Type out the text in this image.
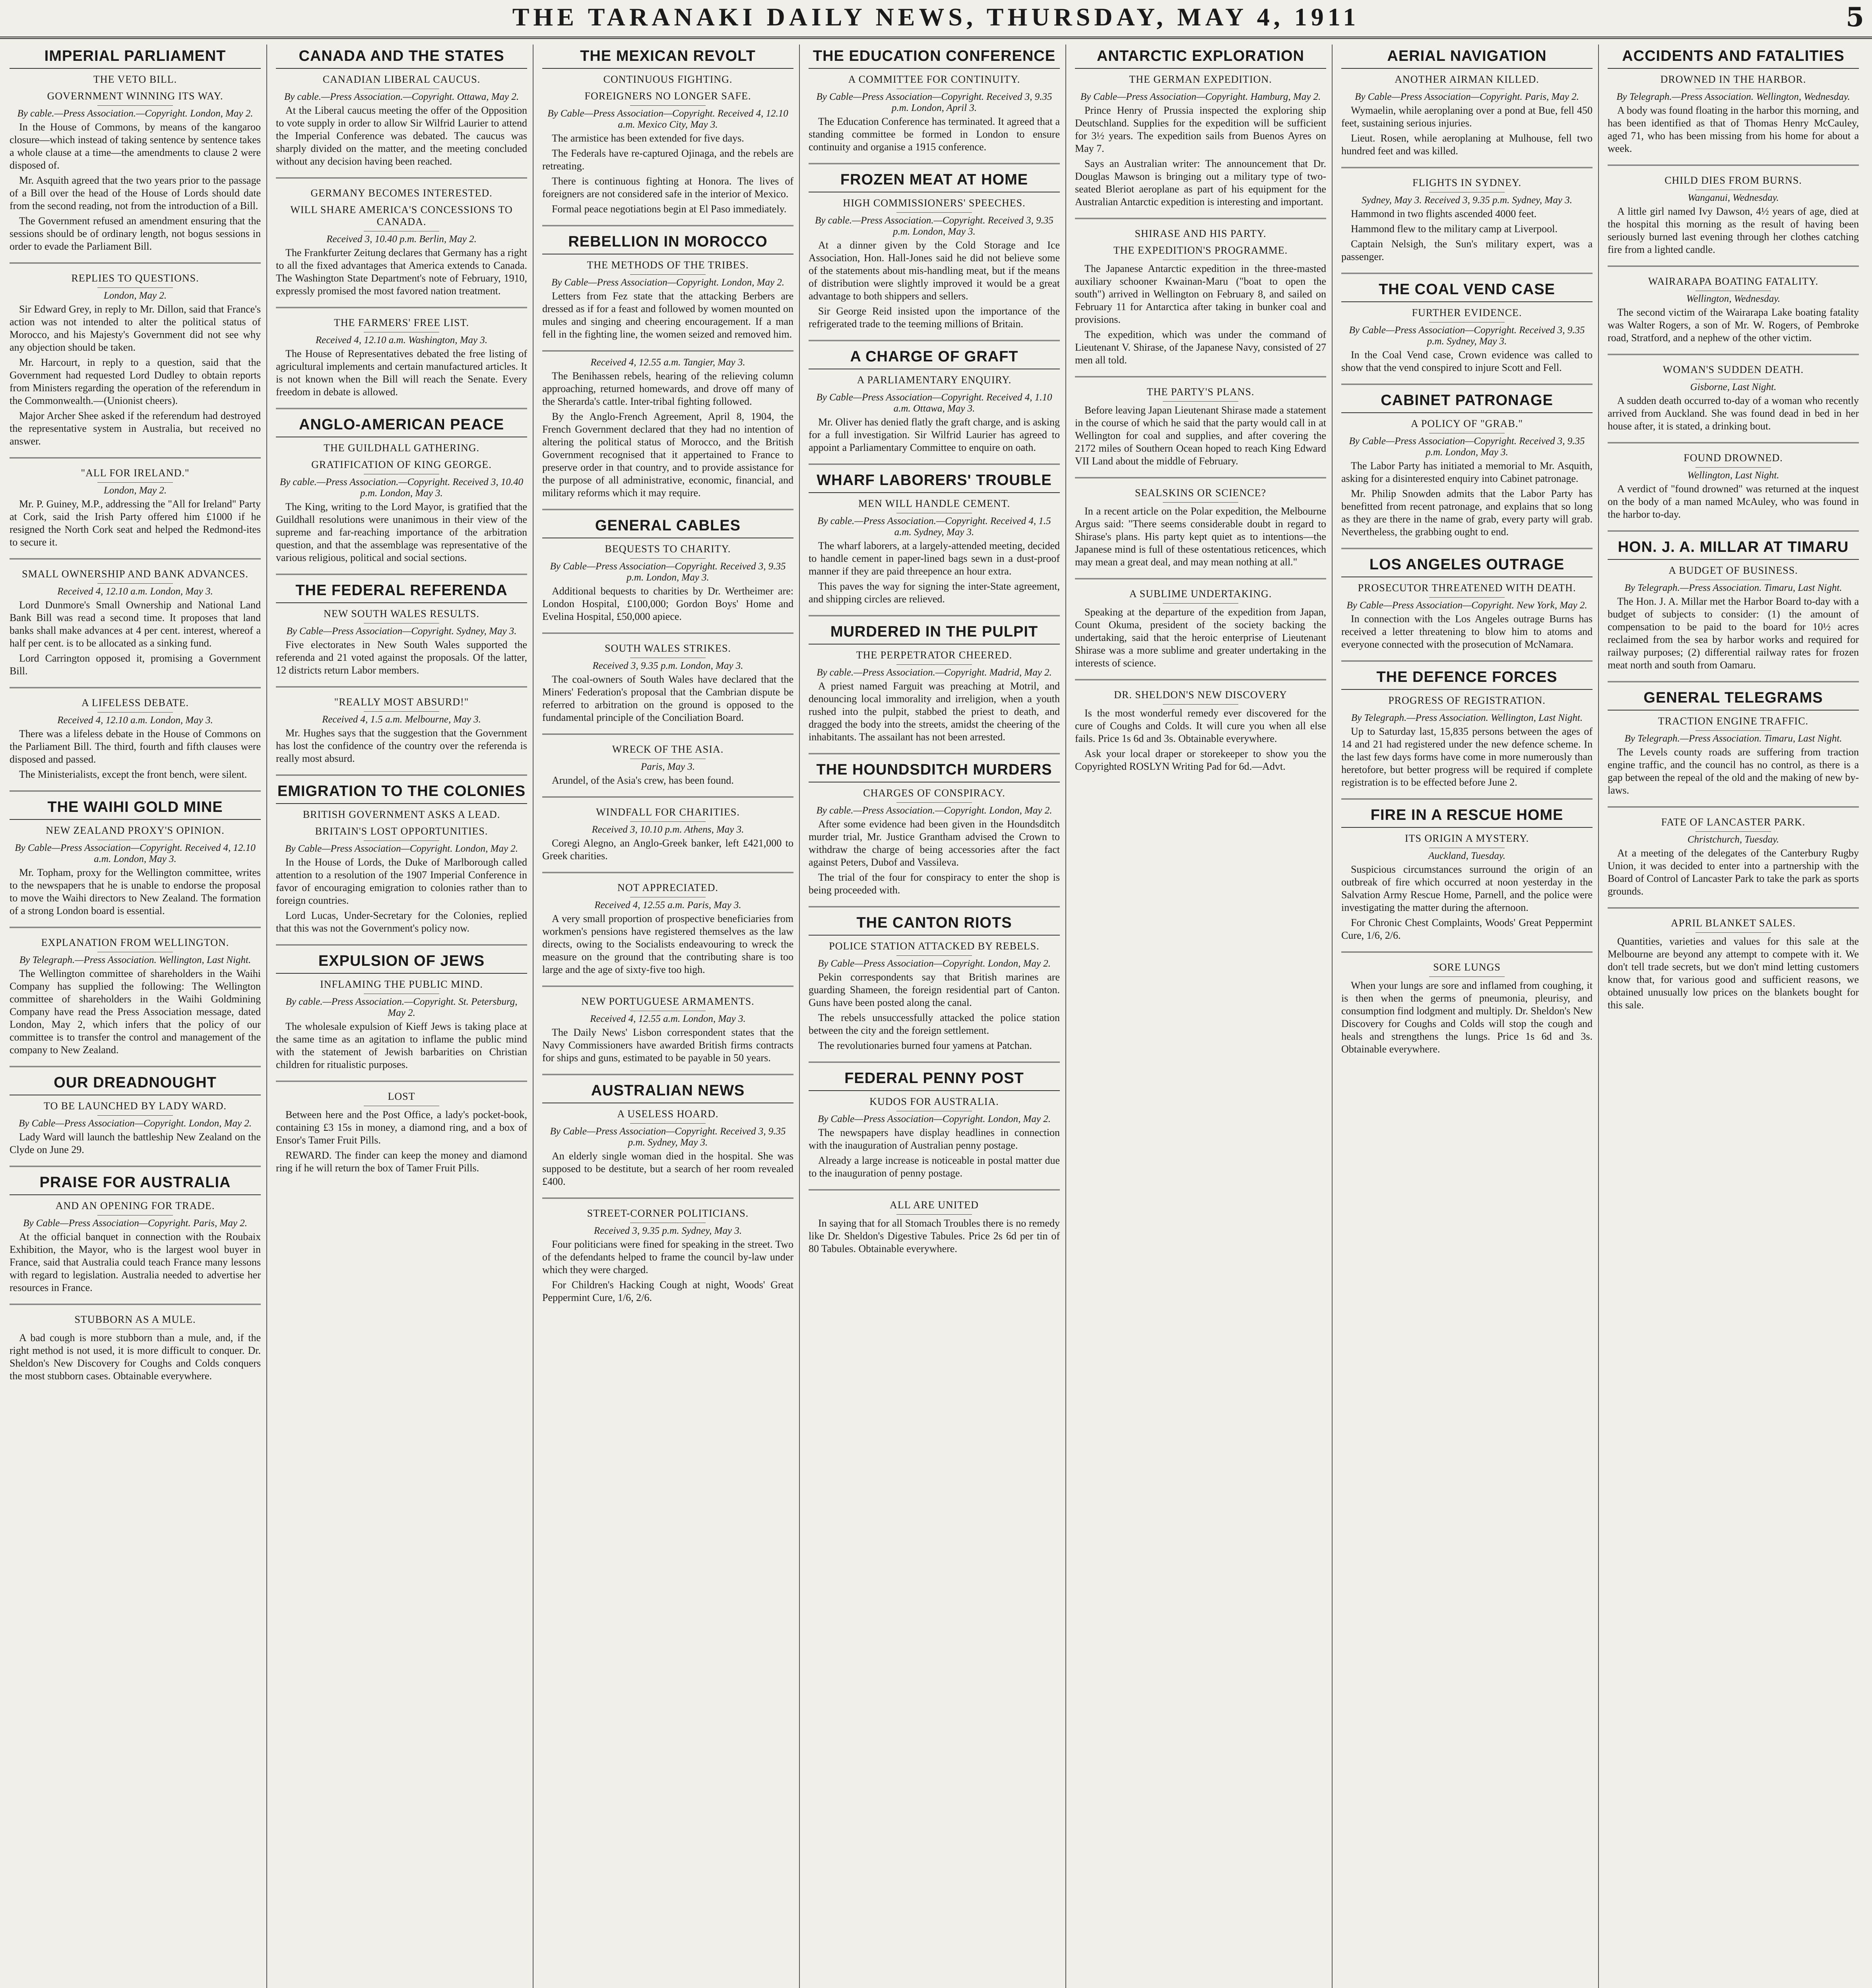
THE TARANAKI DAILY NEWS, THURSDAY, MAY 4, 1911	5
IMPERIAL PARLIAMENT
THE VETO BILL.
GOVERNMENT WINNING ITS WAY.
By cable.—Press Association.—Copyright. London, May 2.

In the House of Commons, by means of the kangaroo closure—which instead of taking sentence by sentence takes a whole clause at a time—the amendments to clause 2 were disposed of.

Mr. Asquith agreed that the two years prior to the passage of a Bill over the head of the House of Lords should date from the second reading, not from the introduction of a Bill.

The Government refused an amendment ensuring that the sessions should be of ordinary length, not bogus sessions in order to evade the Parliament Bill.

REPLIES TO QUESTIONS.
London, May 2.

Sir Edward Grey, in reply to Mr. Dillon, said that France's action was not intended to alter the political status of Morocco, and his Majesty's Government did not see why any objection should be taken.

Mr. Harcourt, in reply to a question, said that the Government had requested Lord Dudley to obtain reports from Ministers regarding the operation of the referendum in the Commonwealth.—(Unionist cheers).

Major Archer Shee asked if the referendum had destroyed the representative system in Australia, but received no answer.

"ALL FOR IRELAND."
London, May 2.

Mr. P. Guiney, M.P., addressing the "All for Ireland" Party at Cork, said the Irish Party offered him £1000 if he resigned the North Cork seat and helped the Redmond-ites to secure it.

SMALL OWNERSHIP AND BANK ADVANCES.
Received 4, 12.10 a.m. London, May 3.

Lord Dunmore's Small Ownership and National Land Bank Bill was read a second time. It proposes that land banks shall make advances at 4 per cent. interest, whereof a half per cent. is to be allocated as a sinking fund.

Lord Carrington opposed it, promising a Government Bill.

A LIFELESS DEBATE.
Received 4, 12.10 a.m. London, May 3.

There was a lifeless debate in the House of Commons on the Parliament Bill. The third, fourth and fifth clauses were disposed and passed.

The Ministerialists, except the front bench, were silent.

THE WAIHI GOLD MINE
NEW ZEALAND PROXY'S OPINION.
By Cable—Press Association—Copyright. Received 4, 12.10 a.m. London, May 3.

Mr. Topham, proxy for the Wellington committee, writes to the newspapers that he is unable to endorse the proposal to move the Waihi directors to New Zealand. The formation of a strong London board is essential.

EXPLANATION FROM WELLINGTON.
By Telegraph.—Press Association. Wellington, Last Night.

The Wellington committee of shareholders in the Waihi Company has supplied the following: The Wellington committee of shareholders in the Waihi Goldmining Company have read the Press Association message, dated London, May 2, which infers that the policy of our committee is to transfer the control and management of the company to New Zealand.

OUR DREADNOUGHT
TO BE LAUNCHED BY LADY WARD.
By Cable—Press Association—Copyright. London, May 2.

Lady Ward will launch the battleship New Zealand on the Clyde on June 29.

PRAISE FOR AUSTRALIA
AND AN OPENING FOR TRADE.
By Cable—Press Association—Copyright. Paris, May 2.

At the official banquet in connection with the Roubaix Exhibition, the Mayor, who is the largest wool buyer in France, said that Australia could teach France many lessons with regard to legislation. Australia needed to advertise her resources in France.

STUBBORN AS A MULE.

A bad cough is more stubborn than a mule, and, if the right method is not used, it is more difficult to conquer. Dr. Sheldon's New Discovery for Coughs and Colds conquers the most stubborn cases. Obtainable everywhere.

CANADA AND THE STATES
CANADIAN LIBERAL CAUCUS.
By cable.—Press Association.—Copyright. Ottawa, May 2.

At the Liberal caucus meeting the offer of the Opposition to vote supply in order to allow Sir Wilfrid Laurier to attend the Imperial Conference was debated. The caucus was sharply divided on the matter, and the meeting concluded without any decision having been reached.

GERMANY BECOMES INTERESTED.
WILL SHARE AMERICA'S CONCESSIONS TO CANADA.
Received 3, 10.40 p.m. Berlin, May 2.

The Frankfurter Zeitung declares that Germany has a right to all the fixed advantages that America extends to Canada. The Washington State Department's note of February, 1910, expressly promised the most favored nation treatment.

THE FARMERS' FREE LIST.
Received 4, 12.10 a.m. Washington, May 3.

The House of Representatives debated the free listing of agricultural implements and certain manufactured articles. It is not known when the Bill will reach the Senate. Every freedom in debate is allowed.

ANGLO-AMERICAN PEACE
THE GUILDHALL GATHERING.
GRATIFICATION OF KING GEORGE.
By cable.—Press Association.—Copyright. Received 3, 10.40 p.m. London, May 3.

The King, writing to the Lord Mayor, is gratified that the Guildhall resolutions were unanimous in their view of the supreme and far-reaching importance of the arbitration question, and that the assemblage was representative of the various religious, political and social sections.

THE FEDERAL REFERENDA
NEW SOUTH WALES RESULTS.
By Cable—Press Association—Copyright. Sydney, May 3.

Five electorates in New South Wales supported the referenda and 21 voted against the proposals. Of the latter, 12 districts return Labor members.

"REALLY MOST ABSURD!"
Received 4, 1.5 a.m. Melbourne, May 3.

Mr. Hughes says that the suggestion that the Government has lost the confidence of the country over the referenda is really most absurd.

EMIGRATION TO THE COLONIES
BRITISH GOVERNMENT ASKS A LEAD.
BRITAIN'S LOST OPPORTUNITIES.
By Cable—Press Association—Copyright. London, May 2.

In the House of Lords, the Duke of Marlborough called attention to a resolution of the 1907 Imperial Conference in favor of encouraging emigration to colonies rather than to foreign countries.

Lord Lucas, Under-Secretary for the Colonies, replied that this was not the Government's policy now.

EXPULSION OF JEWS
INFLAMING THE PUBLIC MIND.
By cable.—Press Association.—Copyright. St. Petersburg, May 2.

The wholesale expulsion of Kieff Jews is taking place at the same time as an agitation to inflame the public mind with the statement of Jewish barbarities on Christian children for ritualistic purposes.

LOST

Between here and the Post Office, a lady's pocket-book, containing £3 15s in money, a diamond ring, and a box of Ensor's Tamer Fruit Pills.

REWARD. The finder can keep the money and diamond ring if he will return the box of Tamer Fruit Pills.

THE MEXICAN REVOLT
CONTINUOUS FIGHTING.
FOREIGNERS NO LONGER SAFE.
By Cable—Press Association—Copyright. Received 4, 12.10 a.m. Mexico City, May 3.

The armistice has been extended for five days.

The Federals have re-captured Ojinaga, and the rebels are retreating.

There is continuous fighting at Honora. The lives of foreigners are not considered safe in the interior of Mexico.

Formal peace negotiations begin at El Paso immediately.

REBELLION IN MOROCCO
THE METHODS OF THE TRIBES.
By Cable—Press Association—Copyright. London, May 2.

Letters from Fez state that the attacking Berbers are dressed as if for a feast and followed by women mounted on mules and singing and cheering encouragement. If a man fell in the fighting line, the women seized and removed him.

Received 4, 12.55 a.m. Tangier, May 3.

The Benihassen rebels, hearing of the relieving column approaching, returned homewards, and drove off many of the Sherarda's cattle. Inter-tribal fighting followed.

By the Anglo-French Agreement, April 8, 1904, the French Government declared that they had no intention of altering the political status of Morocco, and the British Government recognised that it appertained to France to preserve order in that country, and to provide assistance for the purpose of all administrative, economic, financial, and military reforms which it may require.

GENERAL CABLES
BEQUESTS TO CHARITY.
By Cable—Press Association—Copyright. Received 3, 9.35 p.m. London, May 3.

Additional bequests to charities by Dr. Wertheimer are: London Hospital, £100,000; Gordon Boys' Home and Evelina Hospital, £50,000 apiece.

SOUTH WALES STRIKES.
Received 3, 9.35 p.m. London, May 3.

The coal-owners of South Wales have declared that the Miners' Federation's proposal that the Cambrian dispute be referred to arbitration on the ground is opposed to the fundamental principle of the Conciliation Board.

WRECK OF THE ASIA.
Paris, May 3.

Arundel, of the Asia's crew, has been found.

WINDFALL FOR CHARITIES.
Received 3, 10.10 p.m. Athens, May 3.

Coregi Alegno, an Anglo-Greek banker, left £421,000 to Greek charities.

NOT APPRECIATED.
Received 4, 12.55 a.m. Paris, May 3.

A very small proportion of prospective beneficiaries from workmen's pensions have registered themselves as the law directs, owing to the Socialists endeavouring to wreck the measure on the ground that the contributing share is too large and the age of sixty-five too high.

NEW PORTUGUESE ARMAMENTS.
Received 4, 12.55 a.m. London, May 3.

The Daily News' Lisbon correspondent states that the Navy Commissioners have awarded British firms contracts for ships and guns, estimated to be payable in 50 years.

AUSTRALIAN NEWS
A USELESS HOARD.
By Cable—Press Association—Copyright. Received 3, 9.35 p.m. Sydney, May 3.

An elderly single woman died in the hospital. She was supposed to be destitute, but a search of her room revealed £400.

STREET-CORNER POLITICIANS.
Received 3, 9.35 p.m. Sydney, May 3.

Four politicians were fined for speaking in the street. Two of the defendants helped to frame the council by-law under which they were charged.

For Children's Hacking Cough at night, Woods' Great Peppermint Cure, 1/6, 2/6.

THE EDUCATION CONFERENCE
A COMMITTEE FOR CONTINUITY.
By Cable—Press Association—Copyright. Received 3, 9.35 p.m. London, April 3.

The Education Conference has terminated. It agreed that a standing committee be formed in London to ensure continuity and organise a 1915 conference.

FROZEN MEAT AT HOME
HIGH COMMISSIONERS' SPEECHES.
By cable.—Press Association.—Copyright. Received 3, 9.35 p.m. London, May 3.

At a dinner given by the Cold Storage and Ice Association, Hon. Hall-Jones said he did not believe some of the statements about mis-handling meat, but if the means of distribution were slightly improved it would be a great advantage to both shippers and sellers.

Sir George Reid insisted upon the importance of the refrigerated trade to the teeming millions of Britain.

A CHARGE OF GRAFT
A PARLIAMENTARY ENQUIRY.
By Cable—Press Association—Copyright. Received 4, 1.10 a.m. Ottawa, May 3.

Mr. Oliver has denied flatly the graft charge, and is asking for a full investigation. Sir Wilfrid Laurier has agreed to appoint a Parliamentary Committee to enquire on oath.

WHARF LABORERS' TROUBLE
MEN WILL HANDLE CEMENT.
By cable.—Press Association.—Copyright. Received 4, 1.5 a.m. Sydney, May 3.

The wharf laborers, at a largely-attended meeting, decided to handle cement in paper-lined bags sewn in a dust-proof manner if they are paid threepence an hour extra.

This paves the way for signing the inter-State agreement, and shipping circles are relieved.

MURDERED IN THE PULPIT
THE PERPETRATOR CHEERED.
By cable.—Press Association.—Copyright. Madrid, May 2.

A priest named Farguit was preaching at Motril, and denouncing local immorality and irreligion, when a youth rushed into the pulpit, stabbed the priest to death, and dragged the body into the streets, amidst the cheering of the inhabitants. The assailant has not been arrested.

THE HOUNDSDITCH MURDERS
CHARGES OF CONSPIRACY.
By cable.—Press Association.—Copyright. London, May 2.

After some evidence had been given in the Houndsditch murder trial, Mr. Justice Grantham advised the Crown to withdraw the charge of being accessories after the fact against Peters, Dubof and Vassileva.

The trial of the four for conspiracy to enter the shop is being proceeded with.

THE CANTON RIOTS
POLICE STATION ATTACKED BY REBELS.
By Cable—Press Association—Copyright. London, May 2.

Pekin correspondents say that British marines are guarding Shameen, the foreign residential part of Canton. Guns have been posted along the canal.

The rebels unsuccessfully attacked the police station between the city and the foreign settlement.

The revolutionaries burned four yamens at Patchan.

FEDERAL PENNY POST
KUDOS FOR AUSTRALIA.
By Cable—Press Association—Copyright. London, May 2.

The newspapers have display headlines in connection with the inauguration of Australian penny postage.

Already a large increase is noticeable in postal matter due to the inauguration of penny postage.

ALL ARE UNITED

In saying that for all Stomach Troubles there is no remedy like Dr. Sheldon's Digestive Tabules. Price 2s 6d per tin of 80 Tabules. Obtainable everywhere.

ANTARCTIC EXPLORATION
THE GERMAN EXPEDITION.
By Cable—Press Association—Copyright. Hamburg, May 2.

Prince Henry of Prussia inspected the exploring ship Deutschland. Supplies for the expedition will be sufficient for 3½ years. The expedition sails from Buenos Ayres on May 7.

Says an Australian writer: The announcement that Dr. Douglas Mawson is bringing out a military type of two-seated Bleriot aeroplane as part of his equipment for the Australian Antarctic expedition is interesting and important.

SHIRASE AND HIS PARTY.
THE EXPEDITION'S PROGRAMME.

The Japanese Antarctic expedition in the three-masted auxiliary schooner Kwainan-Maru ("boat to open the south") arrived in Wellington on February 8, and sailed on February 11 for Antarctica after taking in bunker coal and provisions.

The expedition, which was under the command of Lieutenant V. Shirase, of the Japanese Navy, consisted of 27 men all told.

THE PARTY'S PLANS.

Before leaving Japan Lieutenant Shirase made a statement in the course of which he said that the party would call in at Wellington for coal and supplies, and after covering the 2172 miles of Southern Ocean hoped to reach King Edward VII Land about the middle of February.

SEALSKINS OR SCIENCE?

In a recent article on the Polar expedition, the Melbourne Argus said: "There seems considerable doubt in regard to Shirase's plans. His party kept quiet as to intentions—the Japanese mind is full of these ostentatious reticences, which may mean a great deal, and may mean nothing at all."

A SUBLIME UNDERTAKING.

Speaking at the departure of the expedition from Japan, Count Okuma, president of the society backing the undertaking, said that the heroic enterprise of Lieutenant Shirase was a more sublime and greater undertaking in the interests of science.

DR. SHELDON'S NEW DISCOVERY

Is the most wonderful remedy ever discovered for the cure of Coughs and Colds. It will cure you when all else fails. Price 1s 6d and 3s. Obtainable everywhere.

Ask your local draper or storekeeper to show you the Copyrighted ROSLYN Writing Pad for 6d.—Advt.

AERIAL NAVIGATION
ANOTHER AIRMAN KILLED.
By Cable—Press Association—Copyright. Paris, May 2.

Wymaelin, while aeroplaning over a pond at Bue, fell 450 feet, sustaining serious injuries.

Lieut. Rosen, while aeroplaning at Mulhouse, fell two hundred feet and was killed.

FLIGHTS IN SYDNEY.
Sydney, May 3. Received 3, 9.35 p.m. Sydney, May 3.

Hammond in two flights ascended 4000 feet.

Hammond flew to the military camp at Liverpool.

Captain Nelsigh, the Sun's military expert, was a passenger.

THE COAL VEND CASE
FURTHER EVIDENCE.
By Cable—Press Association—Copyright. Received 3, 9.35 p.m. Sydney, May 3.

In the Coal Vend case, Crown evidence was called to show that the vend conspired to injure Scott and Fell.

CABINET PATRONAGE
A POLICY OF "GRAB."
By Cable—Press Association—Copyright. Received 3, 9.35 p.m. London, May 3.

The Labor Party has initiated a memorial to Mr. Asquith, asking for a disinterested enquiry into Cabinet patronage.

Mr. Philip Snowden admits that the Labor Party has benefitted from recent patronage, and explains that so long as they are there in the name of grab, every party will grab. Nevertheless, the grabbing ought to end.

LOS ANGELES OUTRAGE
PROSECUTOR THREATENED WITH DEATH.
By Cable—Press Association—Copyright. New York, May 2.

In connection with the Los Angeles outrage Burns has received a letter threatening to blow him to atoms and everyone connected with the prosecution of McNamara.

THE DEFENCE FORCES
PROGRESS OF REGISTRATION.
By Telegraph.—Press Association. Wellington, Last Night.

Up to Saturday last, 15,835 persons between the ages of 14 and 21 had registered under the new defence scheme. In the last few days forms have come in more numerously than heretofore, but better progress will be required if complete registration is to be effected before June 2.

FIRE IN A RESCUE HOME
ITS ORIGIN A MYSTERY.
Auckland, Tuesday.

Suspicious circumstances surround the origin of an outbreak of fire which occurred at noon yesterday in the Salvation Army Rescue Home, Parnell, and the police were investigating the matter during the afternoon.

For Chronic Chest Complaints, Woods' Great Peppermint Cure, 1/6, 2/6.

SORE LUNGS

When your lungs are sore and inflamed from coughing, it is then when the germs of pneumonia, pleurisy, and consumption find lodgment and multiply. Dr. Sheldon's New Discovery for Coughs and Colds will stop the cough and heals and strengthens the lungs. Price 1s 6d and 3s. Obtainable everywhere.

ACCIDENTS AND FATALITIES
DROWNED IN THE HARBOR.
By Telegraph.—Press Association. Wellington, Wednesday.

A body was found floating in the harbor this morning, and has been identified as that of Thomas Henry McCauley, aged 71, who has been missing from his home for about a week.

CHILD DIES FROM BURNS.
Wanganui, Wednesday.

A little girl named Ivy Dawson, 4½ years of age, died at the hospital this morning as the result of having been seriously burned last evening through her clothes catching fire from a lighted candle.

WAIRARAPA BOATING FATALITY.
Wellington, Wednesday.

The second victim of the Wairarapa Lake boating fatality was Walter Rogers, a son of Mr. W. Rogers, of Pembroke road, Stratford, and a nephew of the other victim.

WOMAN'S SUDDEN DEATH.
Gisborne, Last Night.

A sudden death occurred to-day of a woman who recently arrived from Auckland. She was found dead in bed in her house after, it is stated, a drinking bout.

FOUND DROWNED.
Wellington, Last Night.

A verdict of "found drowned" was returned at the inquest on the body of a man named McAuley, who was found in the harbor to-day.

HON. J. A. MILLAR AT TIMARU
A BUDGET OF BUSINESS.
By Telegraph.—Press Association. Timaru, Last Night.

The Hon. J. A. Millar met the Harbor Board to-day with a budget of subjects to consider: (1) the amount of compensation to be paid to the board for 10½ acres reclaimed from the sea by harbor works and required for railway purposes; (2) differential railway rates for frozen meat north and south from Oamaru.

GENERAL TELEGRAMS
TRACTION ENGINE TRAFFIC.
By Telegraph.—Press Association. Timaru, Last Night.

The Levels county roads are suffering from traction engine traffic, and the council has no control, as there is a gap between the repeal of the old and the making of new by-laws.

FATE OF LANCASTER PARK.
Christchurch, Tuesday.

At a meeting of the delegates of the Canterbury Rugby Union, it was decided to enter into a partnership with the Board of Control of Lancaster Park to take the park as sports grounds.

APRIL BLANKET SALES.

Quantities, varieties and values for this sale at the Melbourne are beyond any attempt to compete with it. We don't tell trade secrets, but we don't mind letting customers know that, for various good and sufficient reasons, we obtained unusually low prices on the blankets bought for this sale.
